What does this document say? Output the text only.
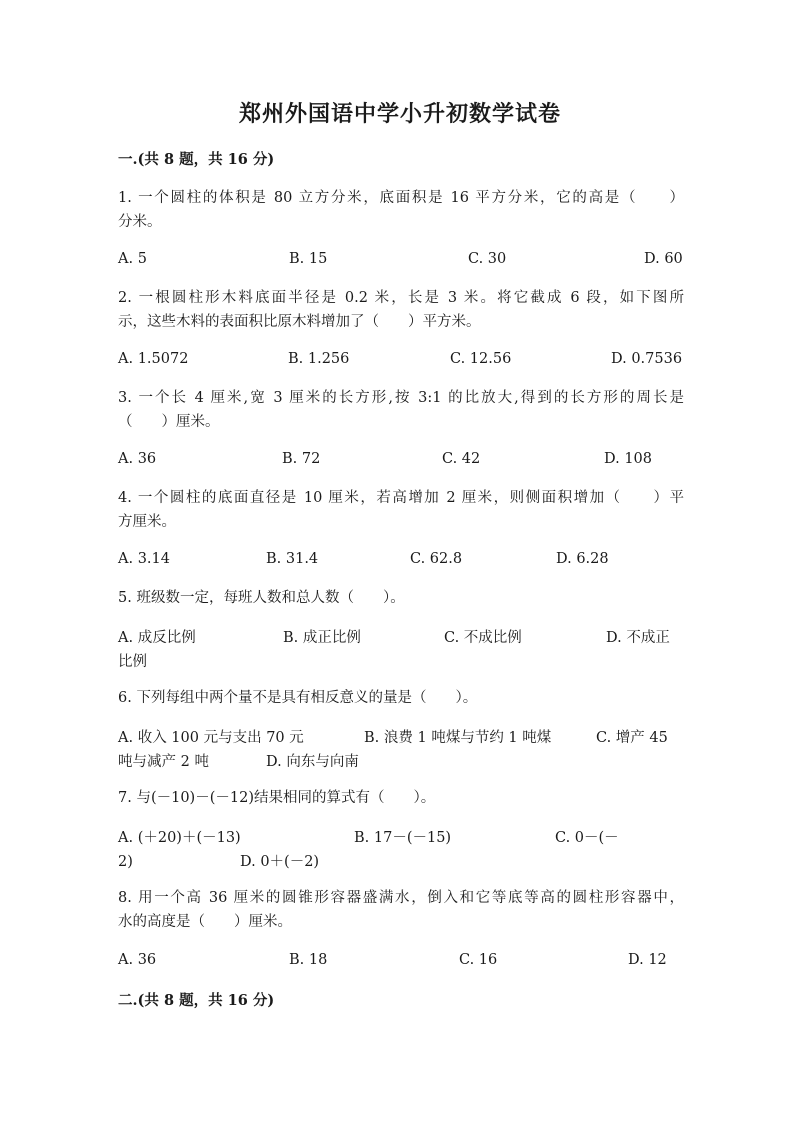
郑州外国语中学小升初数学试卷
一.(共 8 题，共 16 分)
1. 一个圆柱的体积是 80 立方分米，底面积是 16 平方分米，它的高是（　　）
分米。
A. 5	B. 15	C. 30	D. 60
2. 一根圆柱形木料底面半径是 0.2 米，长是 3 米。将它截成 6 段，如下图所
示，这些木料的表面积比原木料增加了（　　）平方米。
A. 1.5072	B. 1.256	C. 12.56	D. 0.7536
3. 一个长 4 厘米,宽 3 厘米的长方形,按 3:1 的比放大,得到的长方形的周长是
（　　）厘米。
A. 36	B. 72	C. 42	D. 108
4. 一个圆柱的底面直径是 10 厘米，若高增加 2 厘米，则侧面积增加（　　）平
方厘米。
A. 3.14	B. 31.4	C. 62.8	D. 6.28
5. 班级数一定，每班人数和总人数（　　）。
A. 成反比例	B. 成正比例	C. 不成比例	D. 不成正
比例
6. 下列每组中两个量不是具有相反意义的量是（　　）。
A. 收入 100 元与支出 70 元	B. 浪费 1 吨煤与节约 1 吨煤	C. 增产 45
吨与减产 2 吨	D. 向东与向南
7. 与(－10)－(－12)结果相同的算式有（　　）。
A. (＋20)＋(－13)	B. 17－(－15)	C. 0－(－
2)	D. 0＋(－2)
8. 用一个高 36 厘米的圆锥形容器盛满水，倒入和它等底等高的圆柱形容器中，
水的高度是（　　）厘米。
A. 36	B. 18	C. 16	D. 12
二.(共 8 题，共 16 分)
